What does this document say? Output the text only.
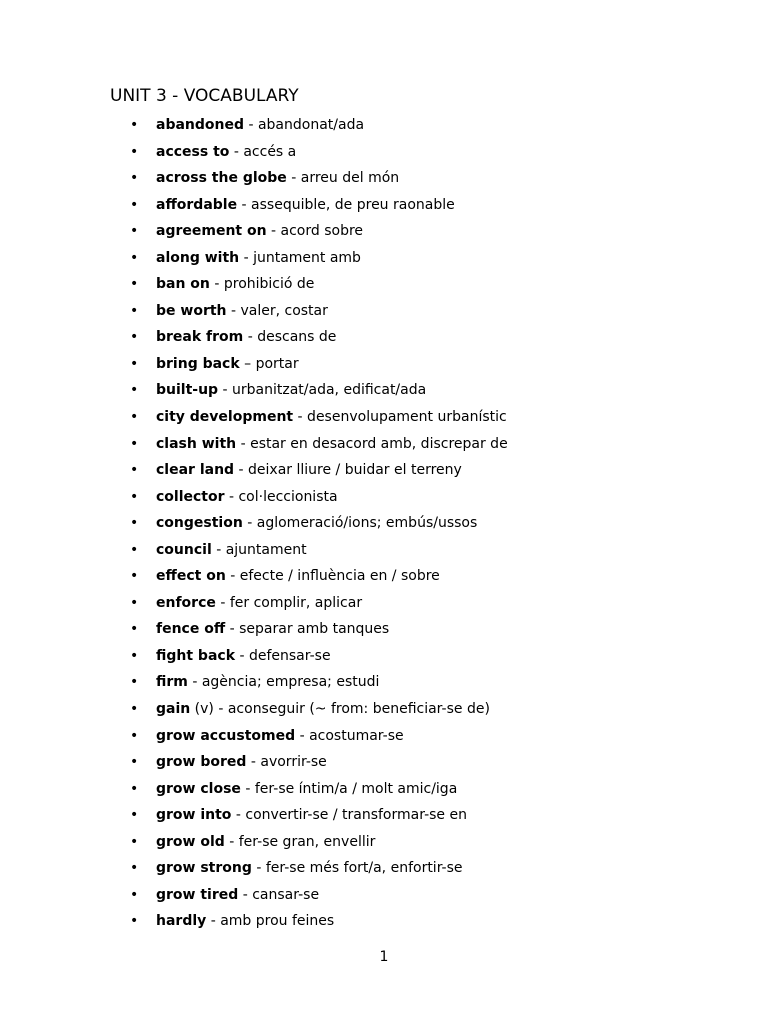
UNIT 3 - VOCABULARY
• abandoned - abandonat/ada
• access to - accés a
• across the globe - arreu del món
• affordable - assequible, de preu raonable
• agreement on - acord sobre
• along with - juntament amb
• ban on - prohibició de
• be worth - valer, costar
• break from - descans de
• bring back – portar
• built-up - urbanitzat/ada, edificat/ada
• city development - desenvolupament urbanístic
• clash with - estar en desacord amb, discrepar de
• clear land - deixar lliure / buidar el terreny
• collector - col·leccionista
• congestion - aglomeració/ions; embús/ussos
• council - ajuntament
• effect on - efecte / influència en / sobre
• enforce - fer complir, aplicar
• fence off - separar amb tanques
• fight back - defensar-se
• firm - agència; empresa; estudi
• gain (v) - aconseguir (~ from: beneficiar-se de)
• grow accustomed - acostumar-se
• grow bored - avorrir-se
• grow close - fer-se íntim/a / molt amic/iga
• grow into - convertir-se / transformar-se en
• grow old - fer-se gran, envellir
• grow strong - fer-se més fort/a, enfortir-se
• grow tired - cansar-se
• hardly - amb prou feines
1
